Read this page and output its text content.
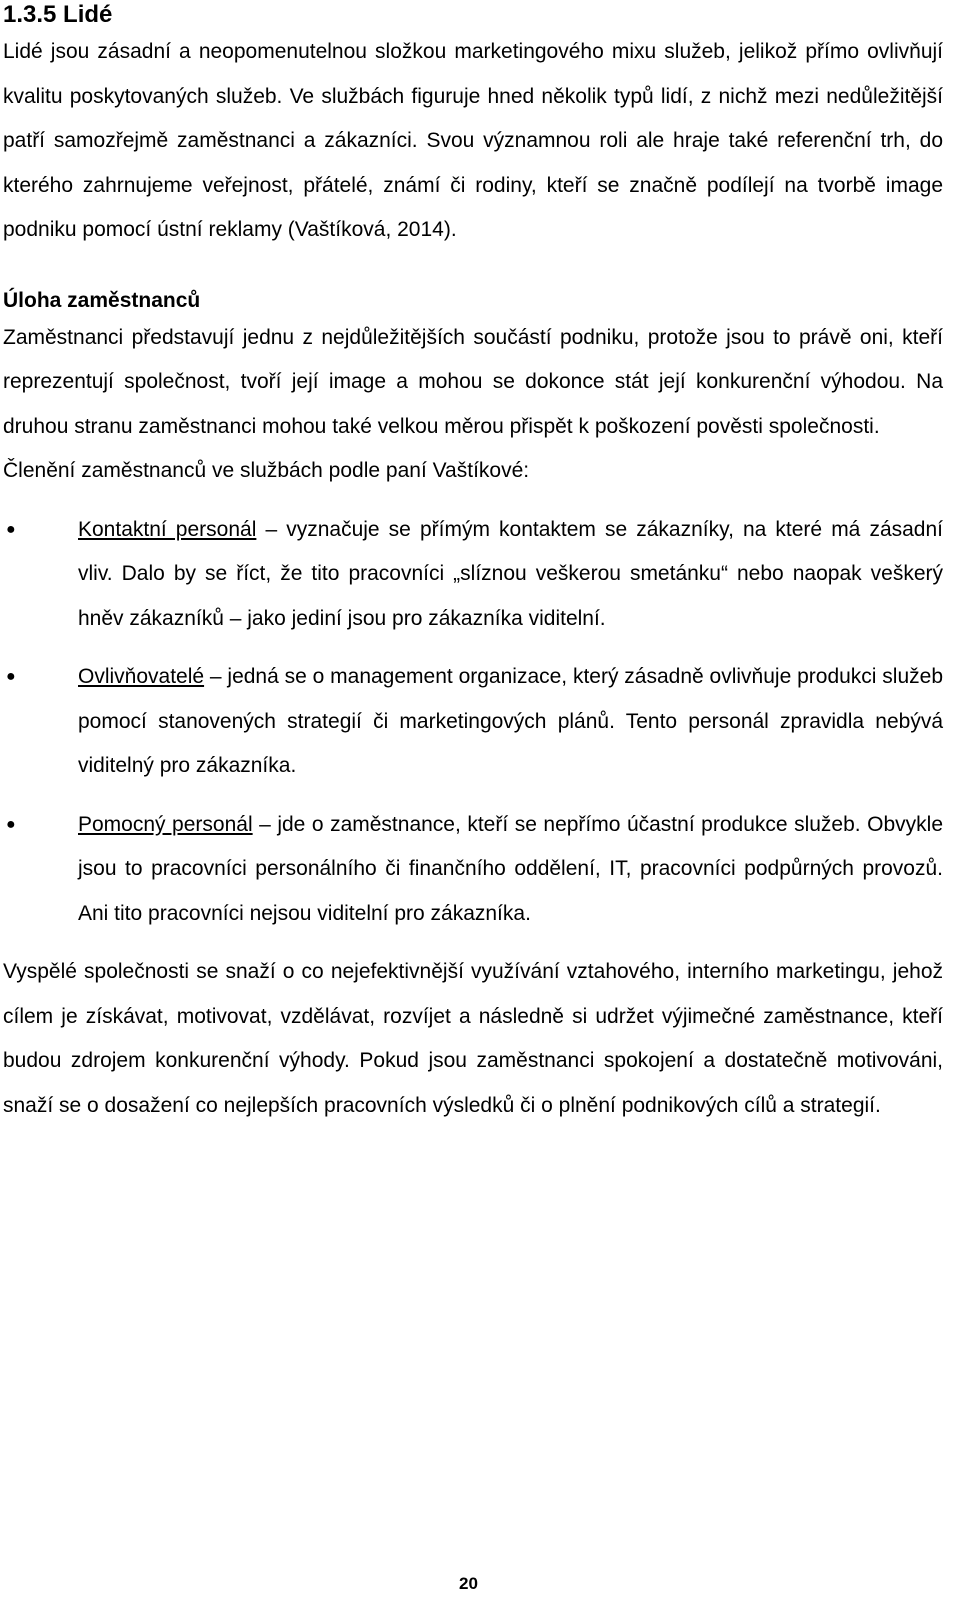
1.3.5 Lidé

Lidé jsou zásadní a neopomenutelnou složkou marketingového mixu služeb, jelikož přímo ovlivňují kvalitu poskytovaných služeb. Ve službách figuruje hned několik typů lidí, z nichž mezi nedůležitější patří samozřejmě zaměstnanci a zákazníci. Svou významnou roli ale hraje také referenční trh, do kterého zahrnujeme veřejnost, přátelé, známí či rodiny, kteří se značně podílejí na tvorbě image podniku pomocí ústní reklamy (Vaštíková, 2014).

Úloha zaměstnanců

Zaměstnanci představují jednu z nejdůležitějších součástí podniku, protože jsou to právě oni, kteří reprezentují společnost, tvoří její image a mohou se dokonce stát její konkurenční výhodou. Na druhou stranu zaměstnanci mohou také velkou měrou přispět k poškození pověsti společnosti.

Členění zaměstnanců ve službách podle paní Vaštíkové:

●	Kontaktní personál – vyznačuje se přímým kontaktem se zákazníky, na které má zásadní vliv. Dalo by se říct, že tito pracovníci „slíznou veškerou smetánku“ nebo naopak veškerý hněv zákazníků – jako jediní jsou pro zákazníka viditelní.
●	Ovlivňovatelé – jedná se o management organizace, který zásadně ovlivňuje produkci služeb pomocí stanovených strategií či marketingových plánů. Tento personál zpravidla nebývá viditelný pro zákazníka.
●	Pomocný personál – jde o zaměstnance, kteří se nepřímo účastní produkce služeb. Obvykle jsou to pracovníci personálního či finančního oddělení, IT, pracovníci podpůrných provozů. Ani tito pracovníci nejsou viditelní pro zákazníka.

Vyspělé společnosti se snaží o co nejefektivnější využívání vztahového, interního marketingu, jehož cílem je získávat, motivovat, vzdělávat, rozvíjet a následně si udržet výjimečné zaměstnance, kteří budou zdrojem konkurenční výhody. Pokud jsou zaměstnanci spokojení a dostatečně motivováni, snaží se o dosažení co nejlepších pracovních výsledků či o plnění podnikových cílů a strategií.

20
